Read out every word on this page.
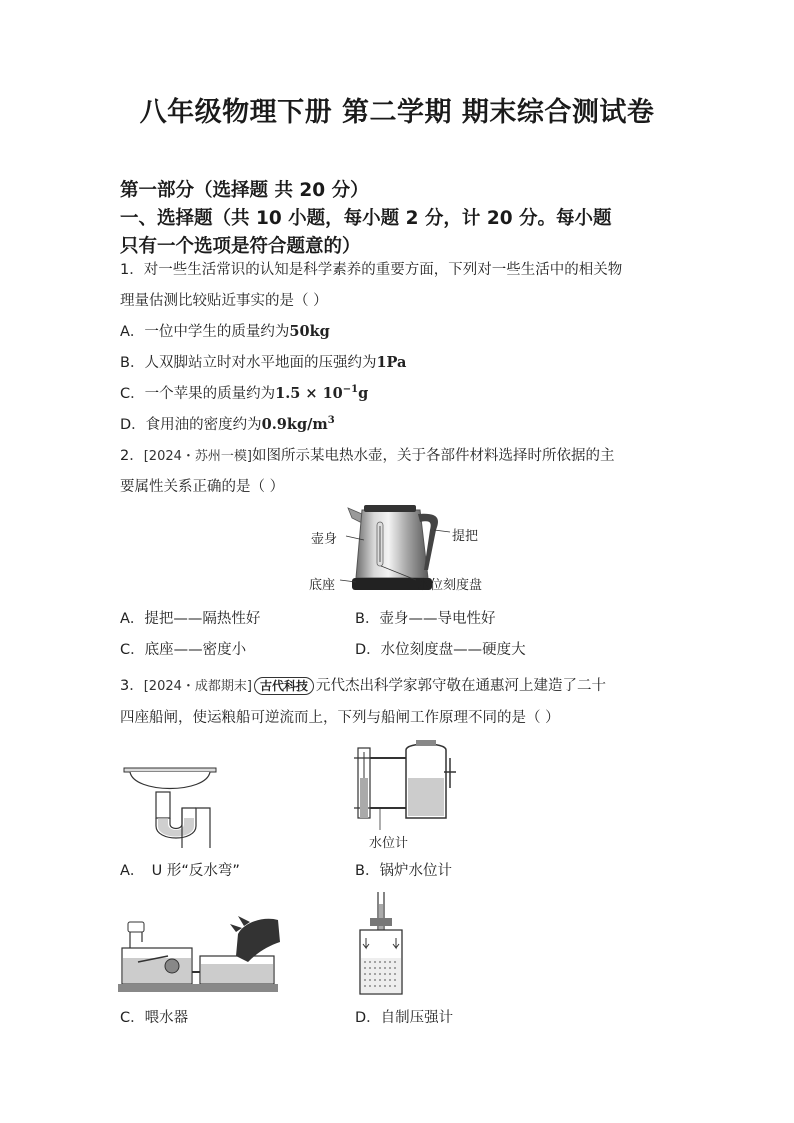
八年级物理下册 第二学期 期末综合测试卷
第一部分（选择题 共 20 分）
一、选择题（共 10 小题，每小题 2 分，计 20 分。每小题
只有一个选项是符合题意的）
1．对一些生活常识的认知是科学素养的重要方面，下列对一些生活中的相关物
理量估测比较贴近事实的是（ ）
A．一位中学生的质量约为50kg
B．人双脚站立时对水平地面的压强约为1Pa
C．一个苹果的质量约为$1.5 \times 10^{-1}g$
D．食用油的密度约为$0.9kg/m^3$
2．[2024・苏州一模]如图所示某电热水壶，关于各部件材料选择时所依据的主
要属性关系正确的是（ ）
壶身	提把
底座	水位刻度盘
A．提把——隔热性好	B．壶身——导电性好
C．底座——密度小	D．水位刻度盘——硬度大
3．[2024・成都期末] 古代科技 元代杰出科学家郭守敬在通惠河上建造了二十
四座船闸，使运粮船可逆流而上，下列与船闸工作原理不同的是（ ）
水位计
A．　U 形“反水弯”	B．锅炉水位计
C．喂水器	D．自制压强计
